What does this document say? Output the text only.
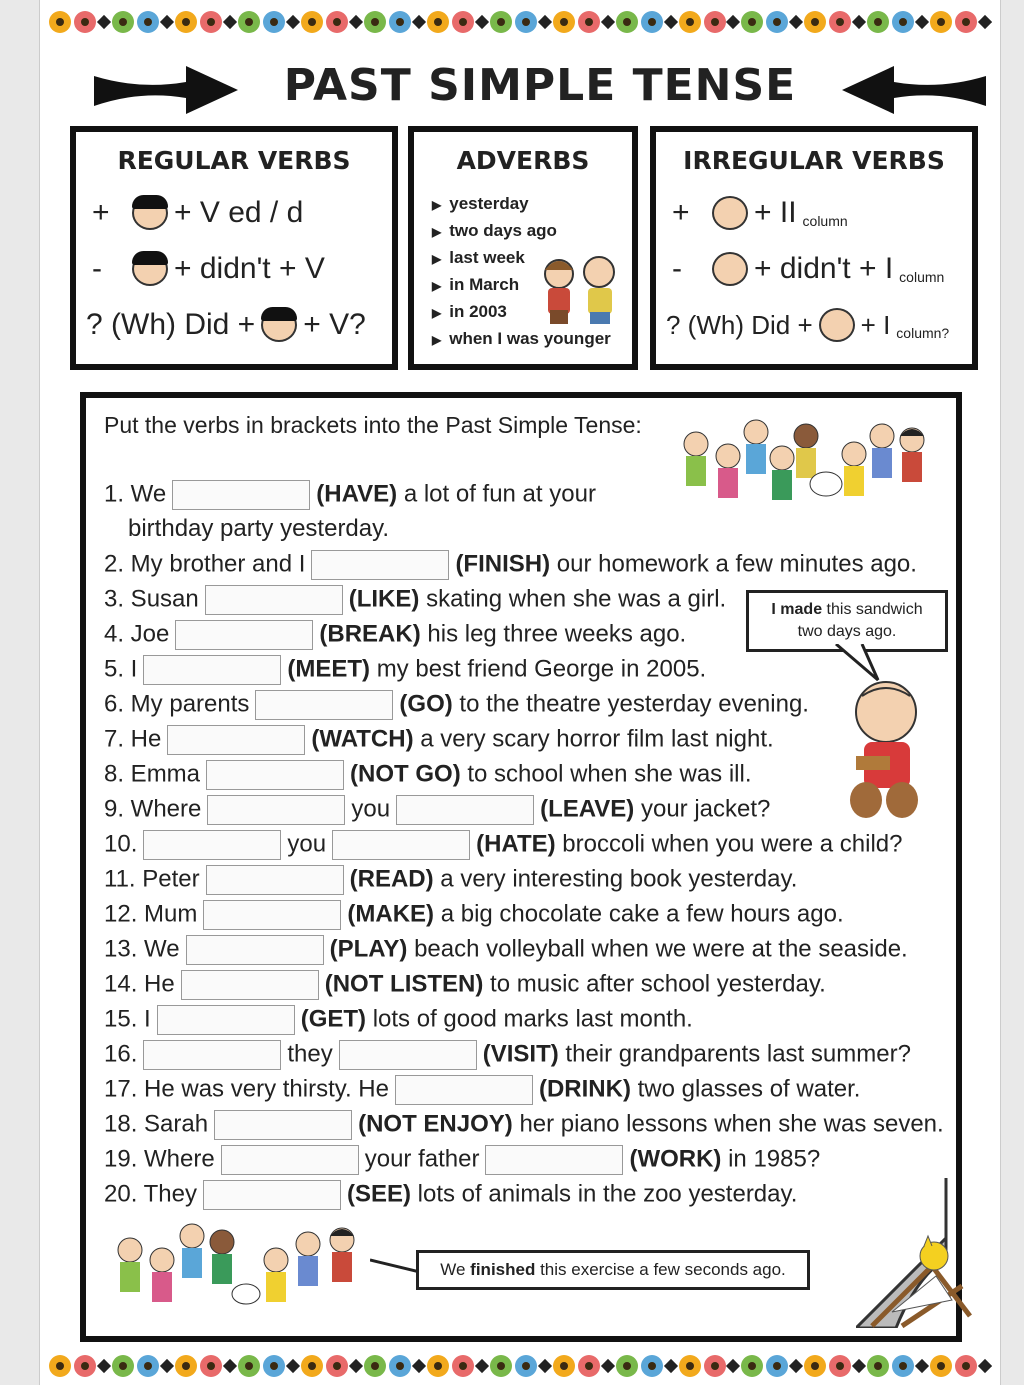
PAST SIMPLE TENSE
REGULAR VERBS
+	+ V ed / d
-	+ didn't + V
? (Wh) Did + + V?
ADVERBS
▶ yesterday
▶ two days ago
▶ last week
▶ in March
▶ in 2003
▶ when I was younger
IRREGULAR VERBS
+	+ II column
-	+ didn't + I column
? (Wh) Did + + I column?
Put the verbs in brackets into the Past Simple Tense:
1. We	(HAVE) a lot of fun at your
birthday party yesterday.
2. My brother and I	(FINISH) our homework a few minutes ago.
3. Susan	(LIKE) skating when she was a girl.
4. Joe	(BREAK) his leg three weeks ago.
5. I	(MEET) my best friend George in 2005.
6. My parents	(GO) to the theatre yesterday evening.
7. He	(WATCH) a very scary horror film last night.
8. Emma	(NOT GO) to school when she was ill.
9. Where	you	(LEAVE) your jacket?
10.	you	(HATE) broccoli when you were a child?
11. Peter	(READ) a very interesting book yesterday.
12. Mum	(MAKE) a big chocolate cake a few hours ago.
13. We	(PLAY) beach volleyball when we were at the seaside.
14. He	(NOT LISTEN) to music after school yesterday.
15. I	(GET) lots of good marks last month.
16.	they	(VISIT) their grandparents last summer?
17. He was very thirsty. He	(DRINK) two glasses of water.
18. Sarah	(NOT ENJOY) her piano lessons when she was seven.
19. Where	your father	(WORK) in 1985?
20. They	(SEE) lots of animals in the zoo yesterday.
I made this sandwich two days ago.
We finished this exercise a few seconds ago.
